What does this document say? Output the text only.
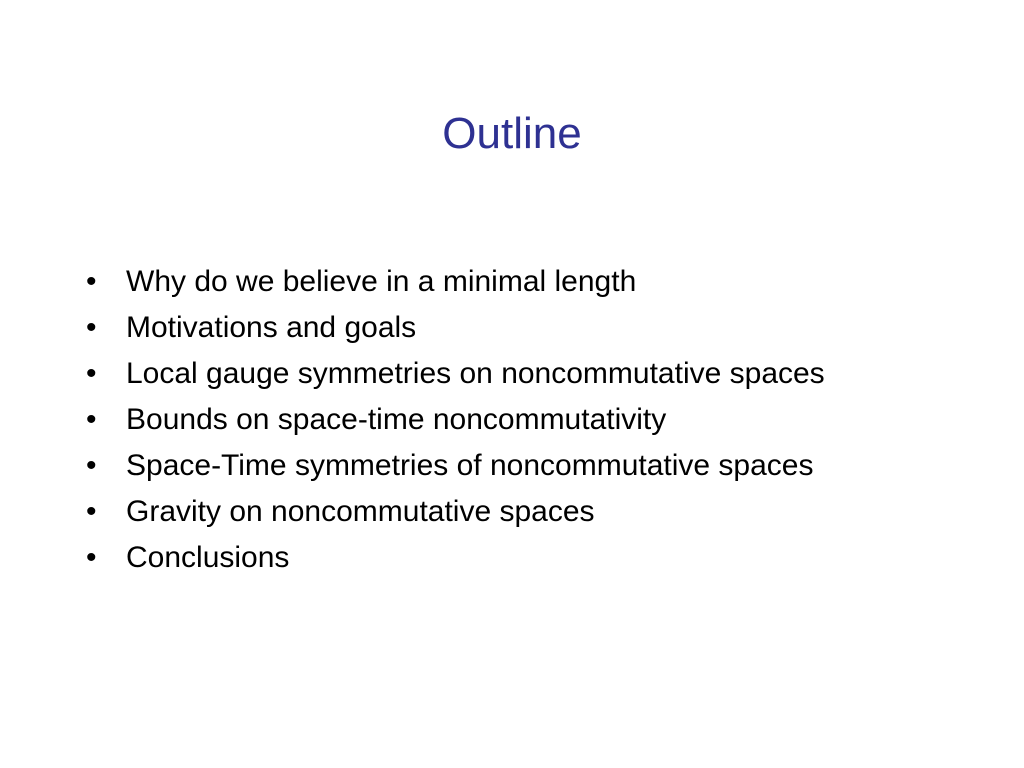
Outline
• Why do we believe in a minimal length
• Motivations and goals
• Local gauge symmetries on noncommutative spaces
• Bounds on space-time noncommutativity
• Space-Time symmetries of noncommutative spaces
• Gravity on noncommutative spaces
• Conclusions
